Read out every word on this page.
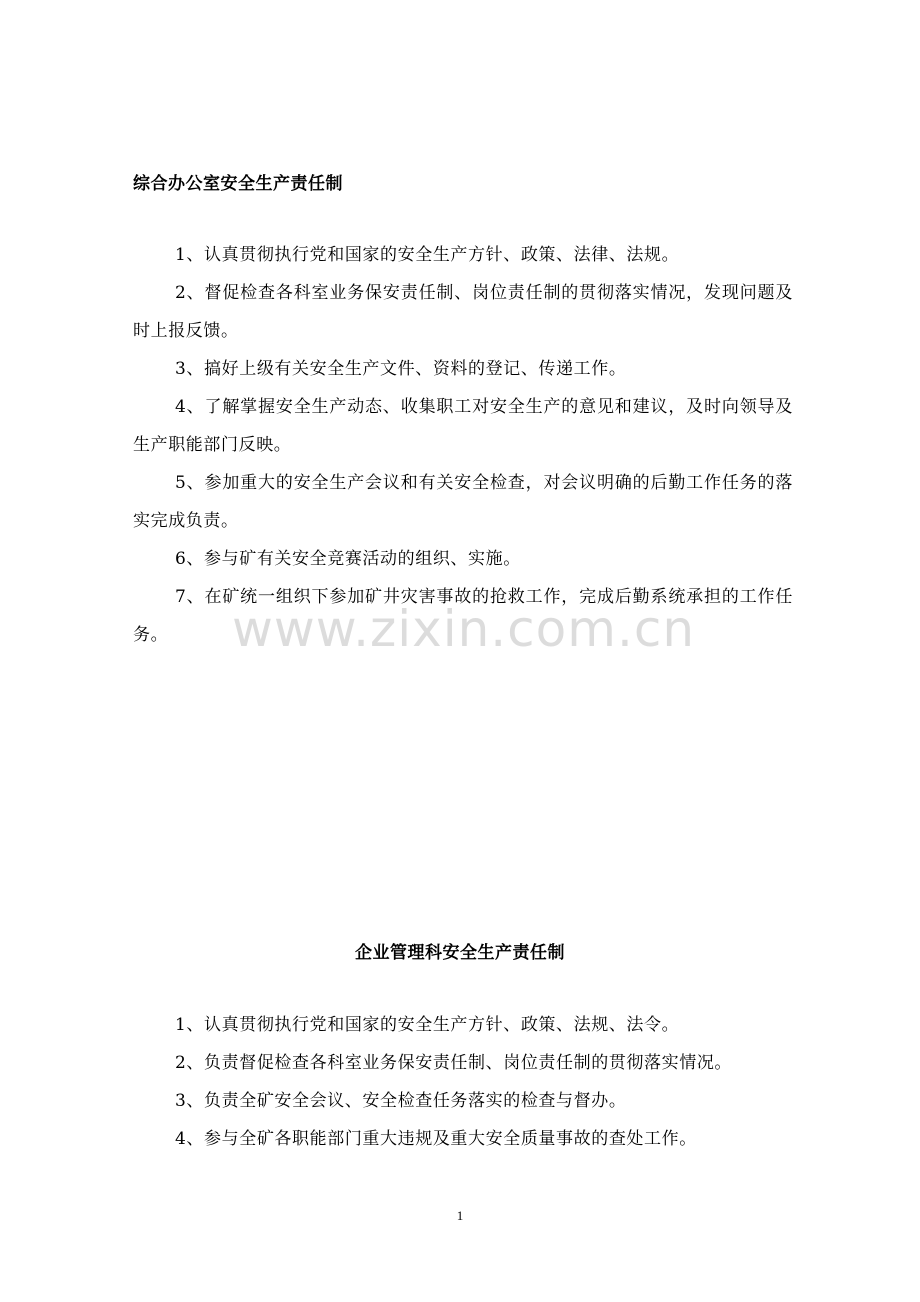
综合办公室安全生产责任制

1、认真贯彻执行党和国家的安全生产方针、政策、法律、法规。

2、督促检查各科室业务保安责任制、岗位责任制的贯彻落实情况，发现问题及时上报反馈。

3、搞好上级有关安全生产文件、资料的登记、传递工作。

4、了解掌握安全生产动态、收集职工对安全生产的意见和建议，及时向领导及生产职能部门反映。

5、参加重大的安全生产会议和有关安全检查，对会议明确的后勤工作任务的落实完成负责。

6、参与矿有关安全竞赛活动的组织、实施。

7、在矿统一组织下参加矿井灾害事故的抢救工作，完成后勤系统承担的工作任务。	www.zixin.com.cn
企业管理科安全生产责任制

1、认真贯彻执行党和国家的安全生产方针、政策、法规、法令。

2、负责督促检查各科室业务保安责任制、岗位责任制的贯彻落实情况。

3、负责全矿安全会议、安全检查任务落实的检查与督办。

4、参与全矿各职能部门重大违规及重大安全质量事故的查处工作。

1
